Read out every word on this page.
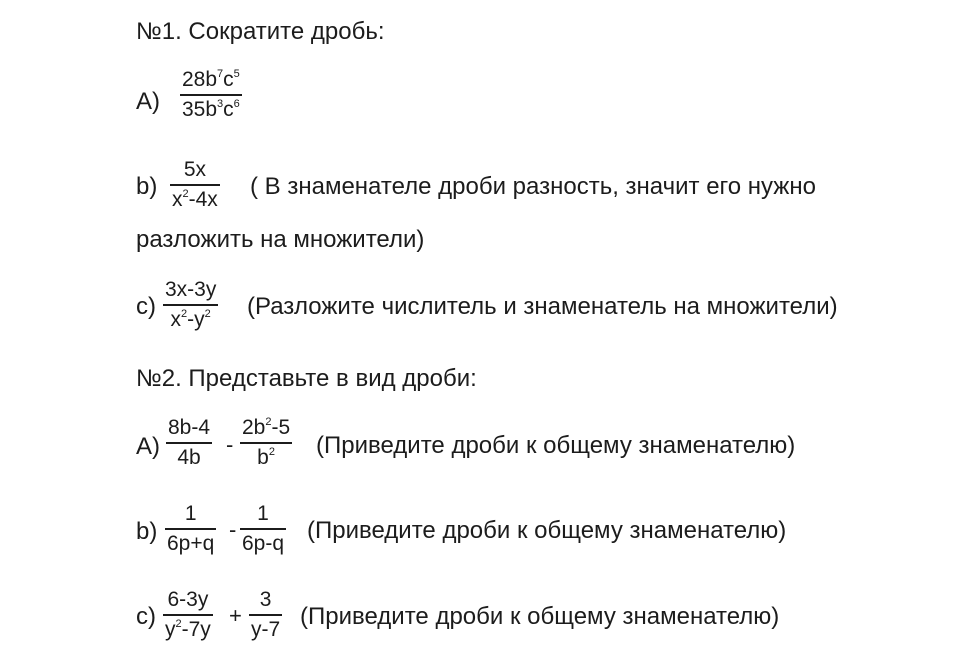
№1. Сократите дробь:
А)
$28b^7c^5$
$35b^3c^6$
b)
5x
$x^2-4x$ ( В знаменателе дроби разность, значит его нужно
разложить на множители)
c)
3x-3y
$x^2-y^2$ (Разложите числитель и знаменатель на множители)
№2. Представьте в вид дроби:
А)
8b-4
4b -
$2b^2-5$
$b^2$ (Приведите дроби к общему знаменателю)
b)
1
6p+q
-
1
6p-q (Приведите дроби к общему знаменателю)
c)
6-3y
$y^2-7y$
+
3
y-7 (Приведите дроби к общему знаменателю)
